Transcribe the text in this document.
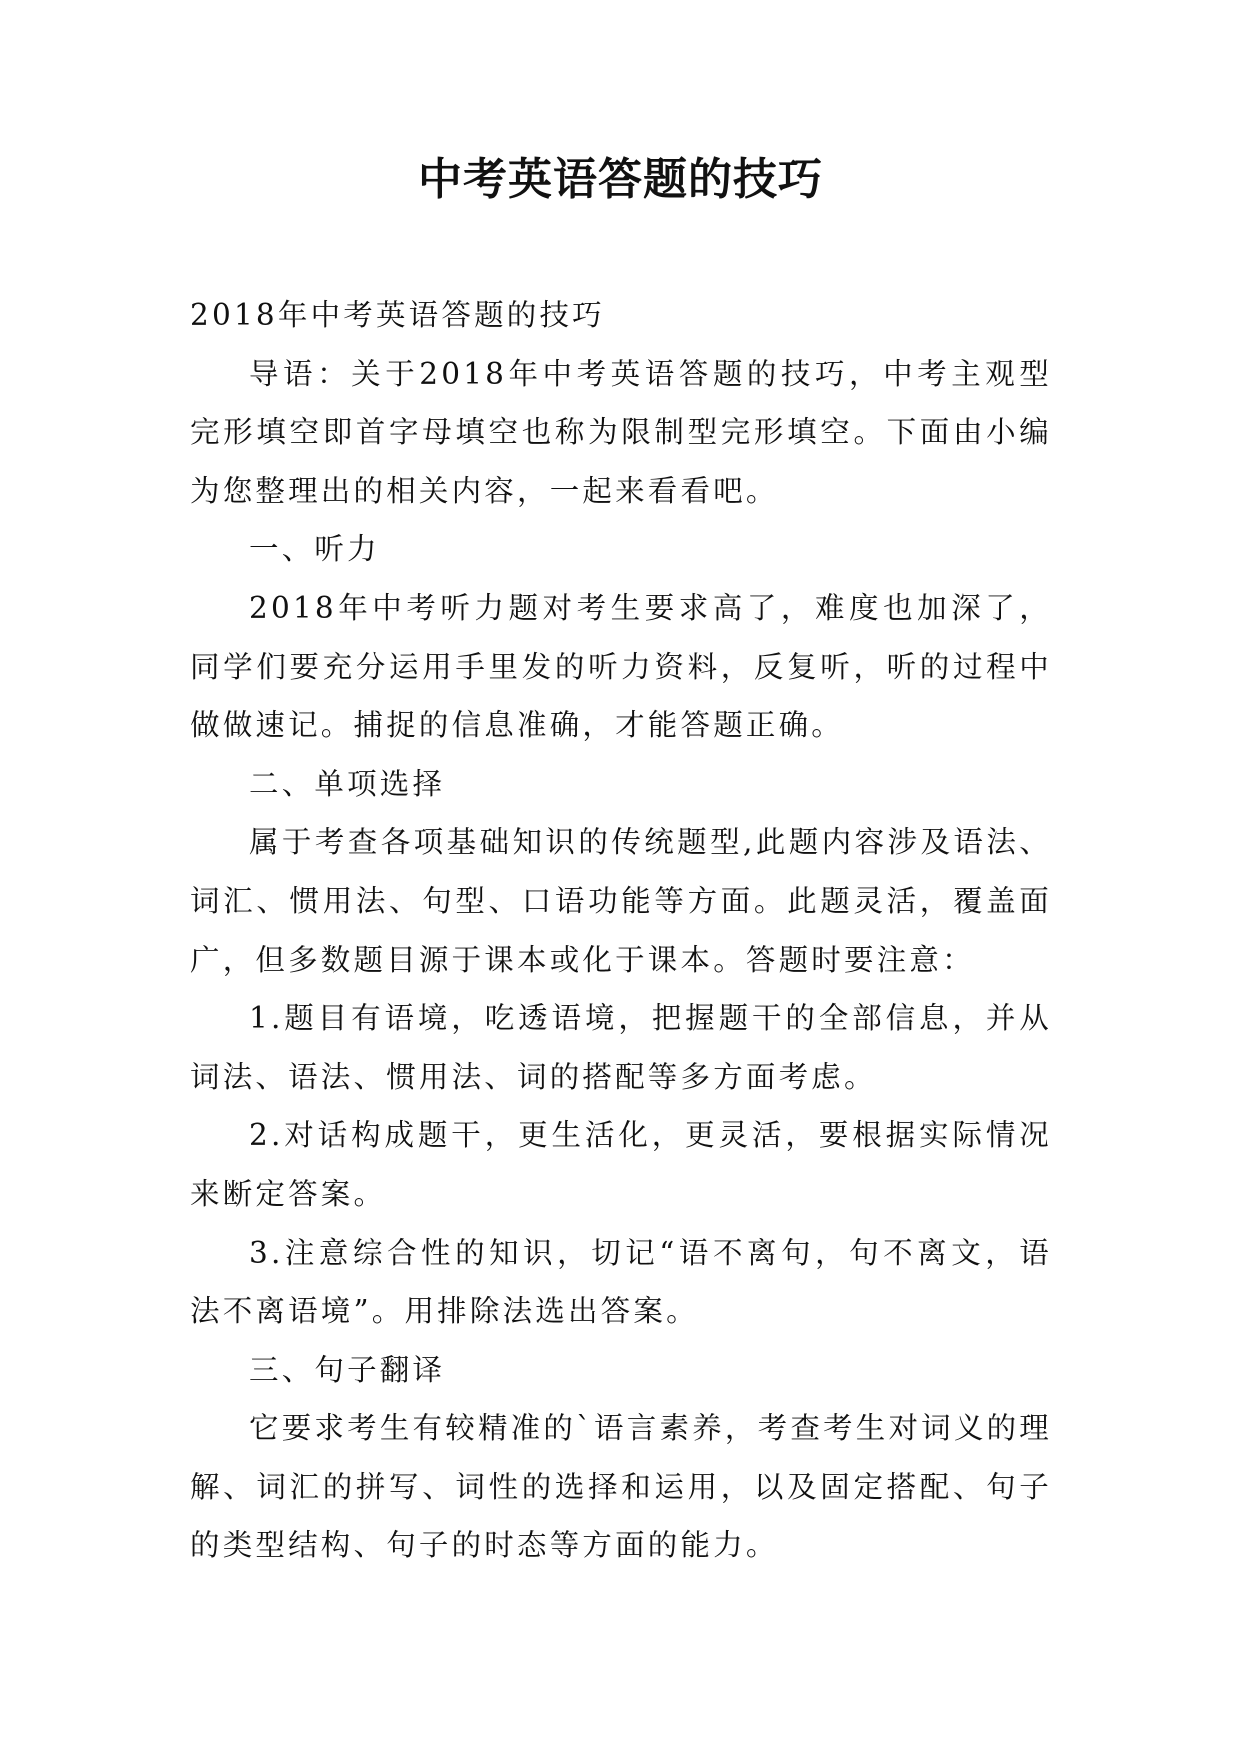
中考英语答题的技巧

2018年中考英语答题的技巧

导语：关于2018年中考英语答题的技巧，中考主观型完形填空即首字母填空也称为限制型完形填空。下面由小编为您整理出的相关内容，一起来看看吧。

一、听力

2018年中考听力题对考生要求高了，难度也加深了，同学们要充分运用手里发的听力资料，反复听，听的过程中做做速记。捕捉的信息准确，才能答题正确。

二、单项选择

属于考查各项基础知识的传统题型,此题内容涉及语法、词汇、惯用法、句型、口语功能等方面。此题灵活，覆盖面广，但多数题目源于课本或化于课本。答题时要注意：

1.题目有语境，吃透语境，把握题干的全部信息，并从词法、语法、惯用法、词的搭配等多方面考虑。

2.对话构成题干，更生活化，更灵活，要根据实际情况来断定答案。

3.注意综合性的知识，切记“语不离句，句不离文，语法不离语境”。用排除法选出答案。

三、句子翻译

它要求考生有较精准的`语言素养，考查考生对词义的理解、词汇的拼写、词性的选择和运用，以及固定搭配、句子的类型结构、句子的时态等方面的能力。
